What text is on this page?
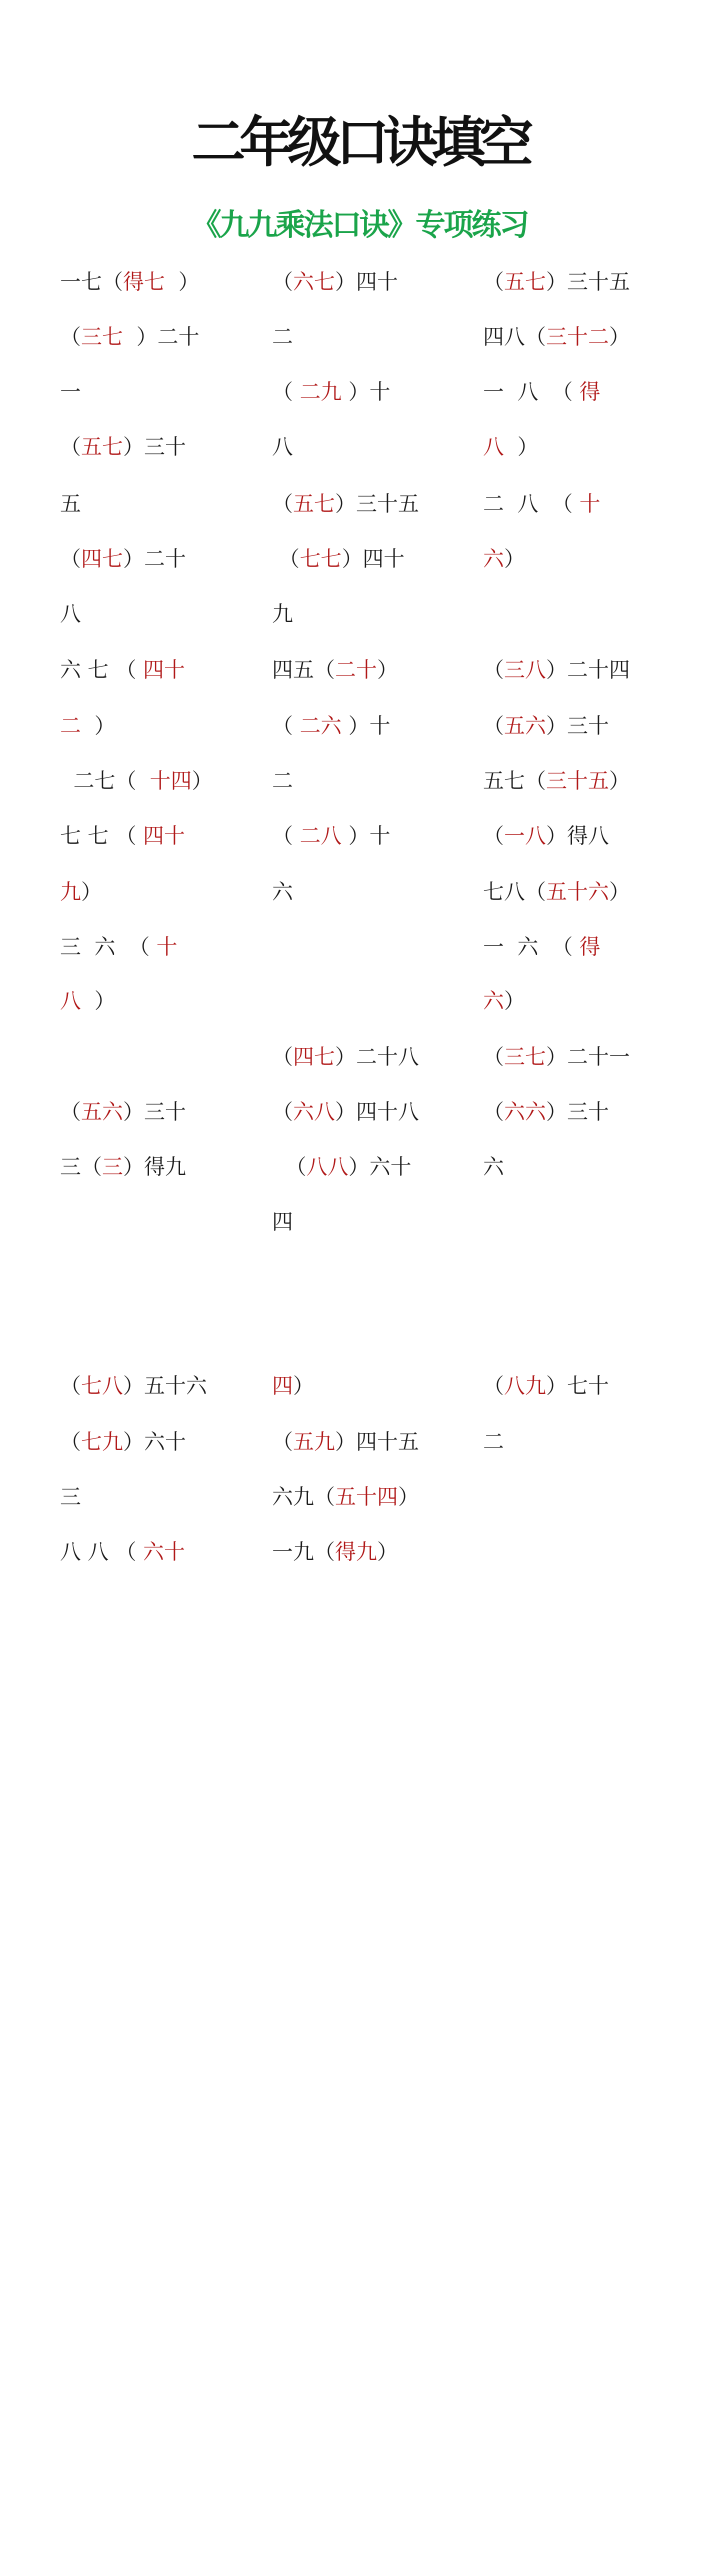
二年级口诀填空
《九九乘法口诀》专项练习
一七（得七  ）
（三七  ）二十
一
（五七）三十
五
（四七）二十
八
六 七 （ 四十
二  ）
二七（  十四）
七 七 （ 四十
九）
三  六  （ 十
八  ）
（五六）三十
三（三）得九
（七八）五十六
（七九）六十
三
八 八 （ 六十
（六七）四十
二
（ 二九 ）十
八
（五七）三十五
（七七）四十
九
四五（二十）
（ 二六 ）十
二
（ 二八 ）十
六
（四七）二十八
（六八）四十八
（八八）六十
四
四）
（五九）四十五
六九（五十四）
一九（得九）
（五七）三十五
四八（三十二）
一  八  （ 得
八  ）
二  八  （ 十
六）
（三八）二十四
（五六）三十
五七（三十五）
（一八）得八
七八（五十六）
一  六  （ 得
六）
（三七）二十一
（六六）三十
六
（八九）七十
二
